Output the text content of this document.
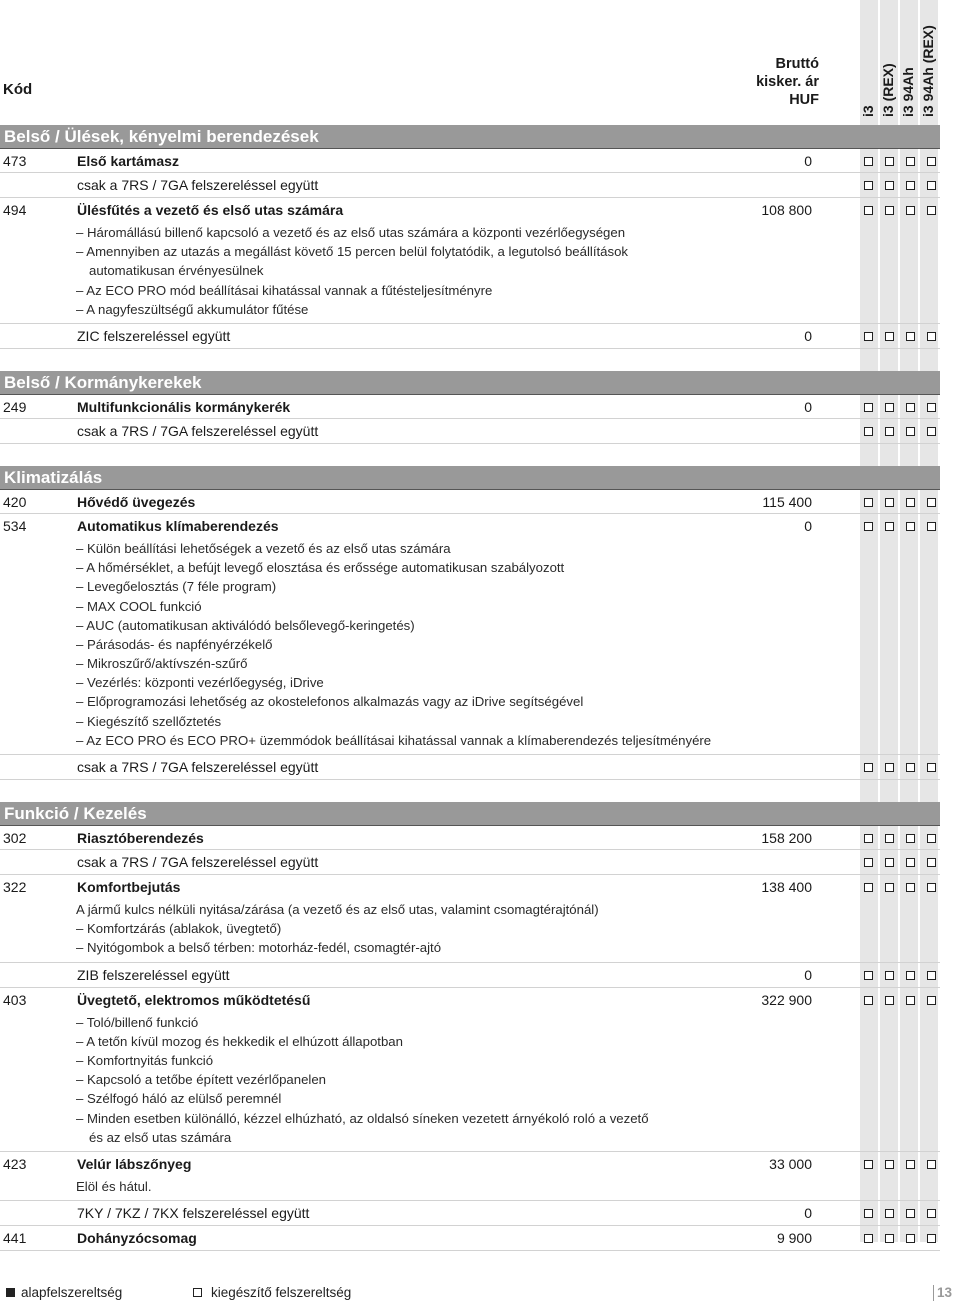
Kód
Bruttó
kisker. ár
HUF
i3 i3 (REX) i3 94Ah i3 94Ah (REX)
Belső / Ülések, kényelmi berendezések
473	Első kartámasz	0
csak a 7RS / 7GA felszereléssel együtt
494	Ülésfűtés a vezető és első utas számára	108 800
– Háromállású billenő kapcsoló a vezető és az első utas számára a központi vezérlőegységen
– Amennyiben az utazás a megállást követő 15 percen belül folytatódik, a legutolsó beállítások
automatikusan érvényesülnek
– Az ECO PRO mód beállításai kihatással vannak a fűtésteljesítményre
– A nagyfeszültségű akkumulátor fűtése
ZIC felszereléssel együtt	0
Belső / Kormánykerekek
249	Multifunkcionális kormánykerék	0
csak a 7RS / 7GA felszereléssel együtt
Klimatizálás
420	Hővédő üvegezés	115 400
534	Automatikus klímaberendezés	0
– Külön beállítási lehetőségek a vezető és az első utas számára
– A hőmérséklet, a befújt levegő elosztása és erőssége automatikusan szabályozott
– Levegőelosztás (7 féle program)
– MAX COOL funkció
– AUC (automatikusan aktiválódó belsőlevegő-keringetés)
– Párásodás- és napfényérzékelő
– Mikroszűrő/aktívszén-szűrő
– Vezérlés: központi vezérlőegység, iDrive
– Előprogramozási lehetőség az okostelefonos alkalmazás vagy az iDrive segítségével
– Kiegészítő szellőztetés
– Az ECO PRO és ECO PRO+ üzemmódok beállításai kihatással vannak a klímaberendezés teljesítményére
csak a 7RS / 7GA felszereléssel együtt
Funkció / Kezelés
302	Riasztóberendezés	158 200
csak a 7RS / 7GA felszereléssel együtt
322	Komfortbejutás	138 400
A jármű kulcs nélküli nyitása/zárása (a vezető és az első utas, valamint csomagtérajtónál)
– Komfortzárás (ablakok, üvegtető)
– Nyitógombok a belső térben: motorház-fedél, csomagtér-ajtó
ZIB felszereléssel együtt	0
403	Üvegtető, elektromos működtetésű	322 900
– Toló/billenő funkció
– A tetőn kívül mozog és hekkedik el elhúzott állapotban
– Komfortnyitás funkció
– Kapcsoló a tetőbe épített vezérlőpanelen
– Szélfogó háló az elülső peremnél
– Minden esetben különálló, kézzel elhúzható, az oldalsó síneken vezetett árnyékoló roló a vezető
és az első utas számára
423	Velúr lábszőnyeg	33 000
Elöl és hátul.
7KY / 7KZ / 7KX felszereléssel együtt	0
441	Dohányzócsomag	9 900
alapfelszereltség	kiegészítő felszereltség	13
